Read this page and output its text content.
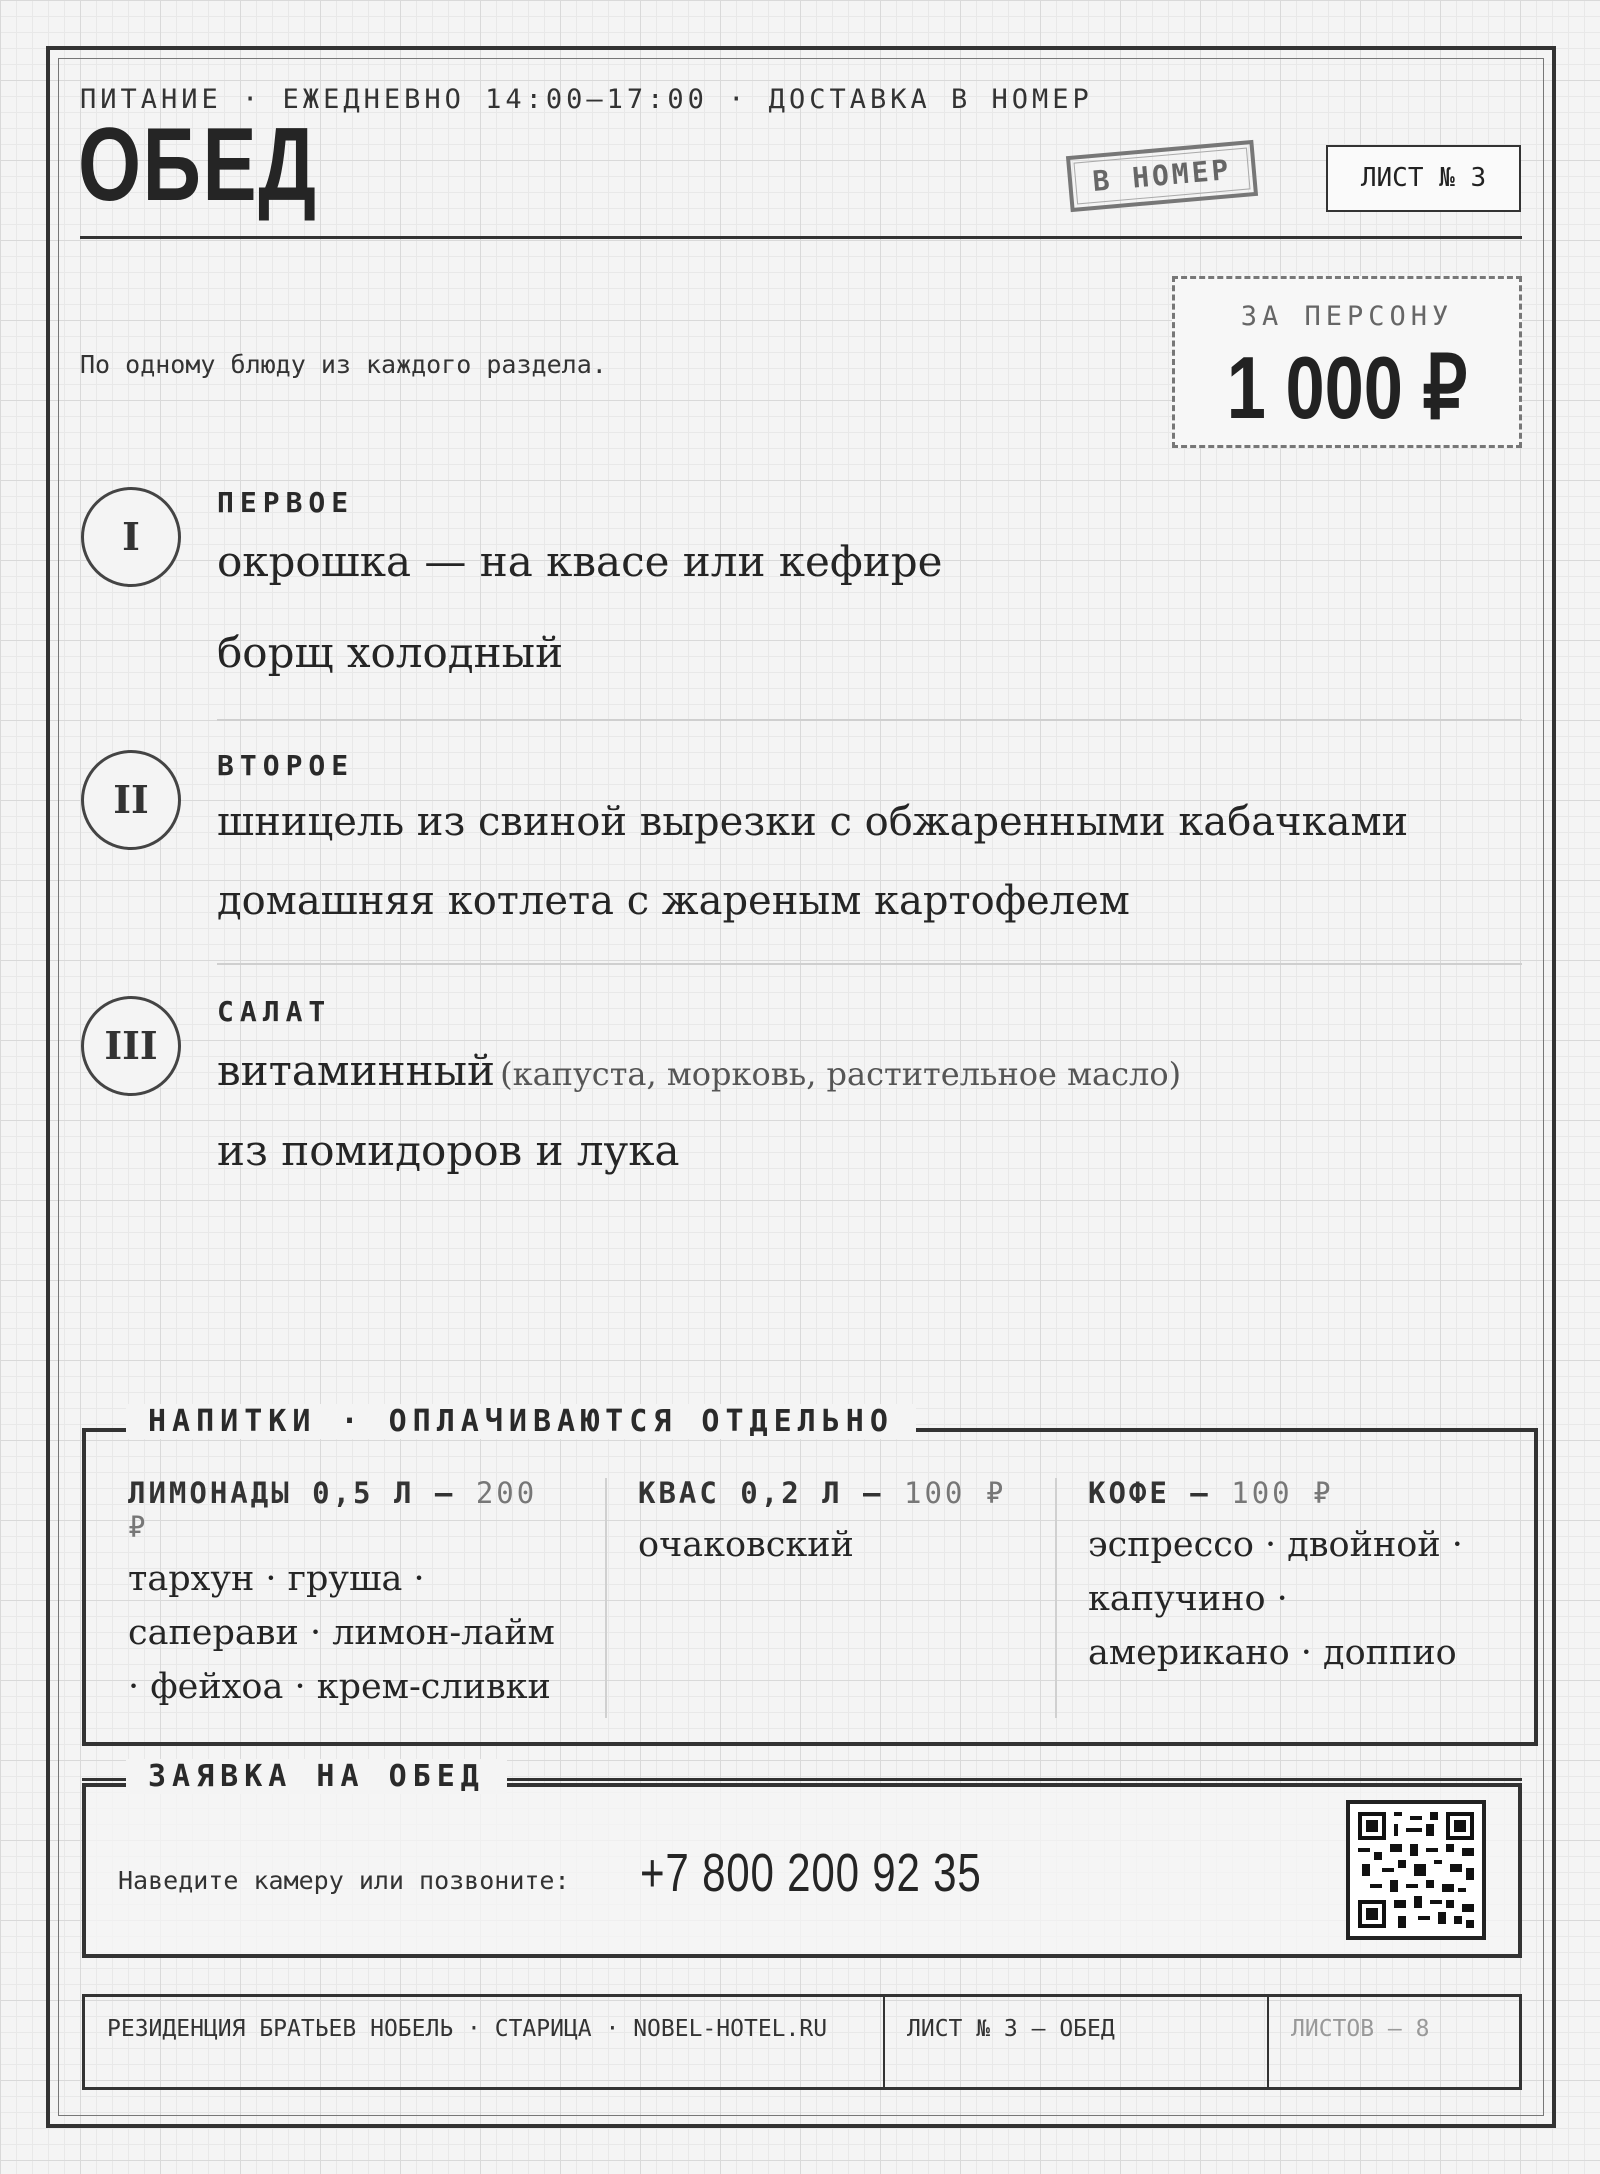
ПИТАНИЕ · ЕЖЕДНЕВНО 14:00–17:00 · ДОСТАВКА В НОМЕР
ОБЕД	В НОМЕР	ЛИСТ № 3
По одному блюду из каждого раздела.
ЗА ПЕРСОНУ
1 000 ₽
I
ПЕРВОЕ
окрошка — на квасе или кефире
борщ холодный
II
ВТОРОЕ
шницель из свиной вырезки с обжаренными кабачками
домашняя котлета с жареным картофелем
III
САЛАТ
витаминный (капуста, морковь, растительное масло)
из помидоров и лука
НАПИТКИ · ОПЛАЧИВАЮТСЯ ОТДЕЛЬНО
ЛИМОНАДЫ 0,5 Л — 200 ₽
тархун · груша · саперави · лимон-лайм · фейхоа · крем-сливки
КВАС 0,2 Л — 100 ₽
очаковский
КОФЕ — 100 ₽
эспрессо · двойной · капучино · американо · доппио
ЗАЯВКА НА ОБЕД
Наведите камеру или позвоните: +7 800 200 92 35
РЕЗИДЕНЦИЯ БРАТЬЕВ НОБЕЛЬ · СТАРИЦА · NOBEL-HOTEL.RU	ЛИСТ № 3 — ОБЕД	ЛИСТОВ — 8
